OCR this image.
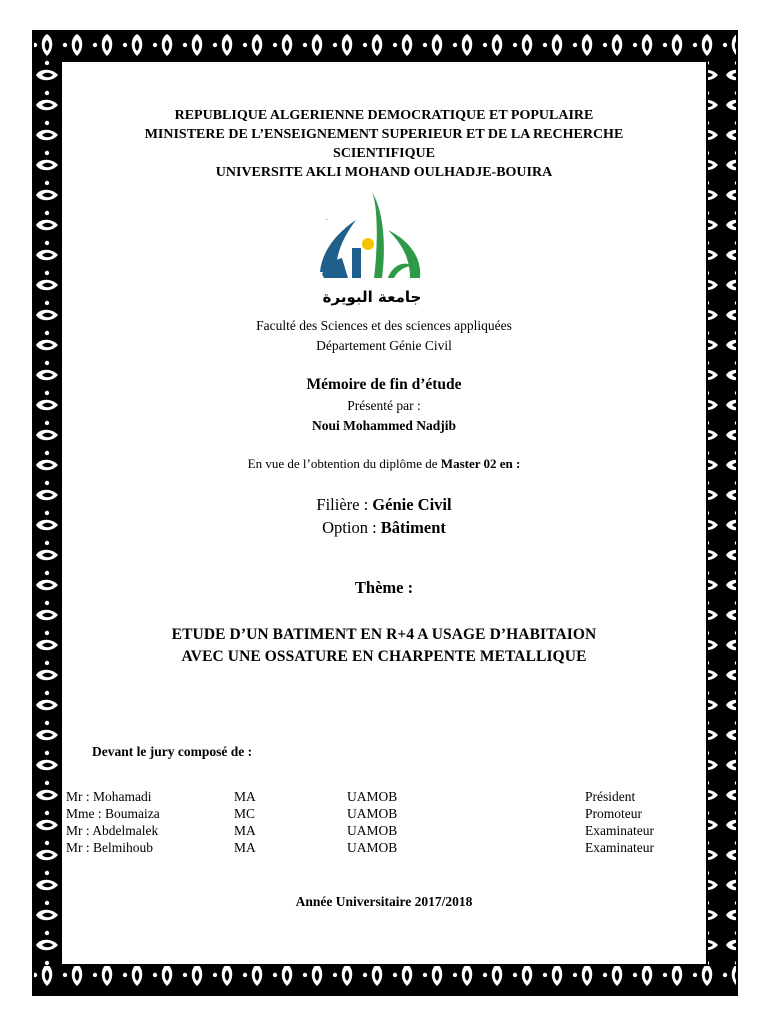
REPUBLIQUE ALGERIENNE DEMOCRATIQUE ET POPULAIRE
MINISTERE DE L’ENSEIGNEMENT SUPERIEUR ET DE LA RECHERCHE
SCIENTIFIQUE
UNIVERSITE AKLI MOHAND OULHADJE-BOUIRA
.
جامعة البويرة
Faculté des Sciences et des sciences appliquées
Département Génie Civil
Mémoire de fin d’étude
Présenté par :
Noui Mohammed Nadjib
En vue de l’obtention du diplôme de Master 02 en :
Filière : Génie Civil
Option : Bâtiment
Thème :
ETUDE D’UN BATIMENT EN R+4 A USAGE D’HABITAION
AVEC UNE OSSATURE EN CHARPENTE METALLIQUE
Devant le jury composé de :
Mr : Mohamadi	MA	UAMOB	Président
Mme : Boumaiza	MC	UAMOB	Promoteur
Mr : Abdelmalek	MA	UAMOB	Examinateur
Mr : Belmihoub	MA	UAMOB	Examinateur
Année Universitaire 2017/2018
